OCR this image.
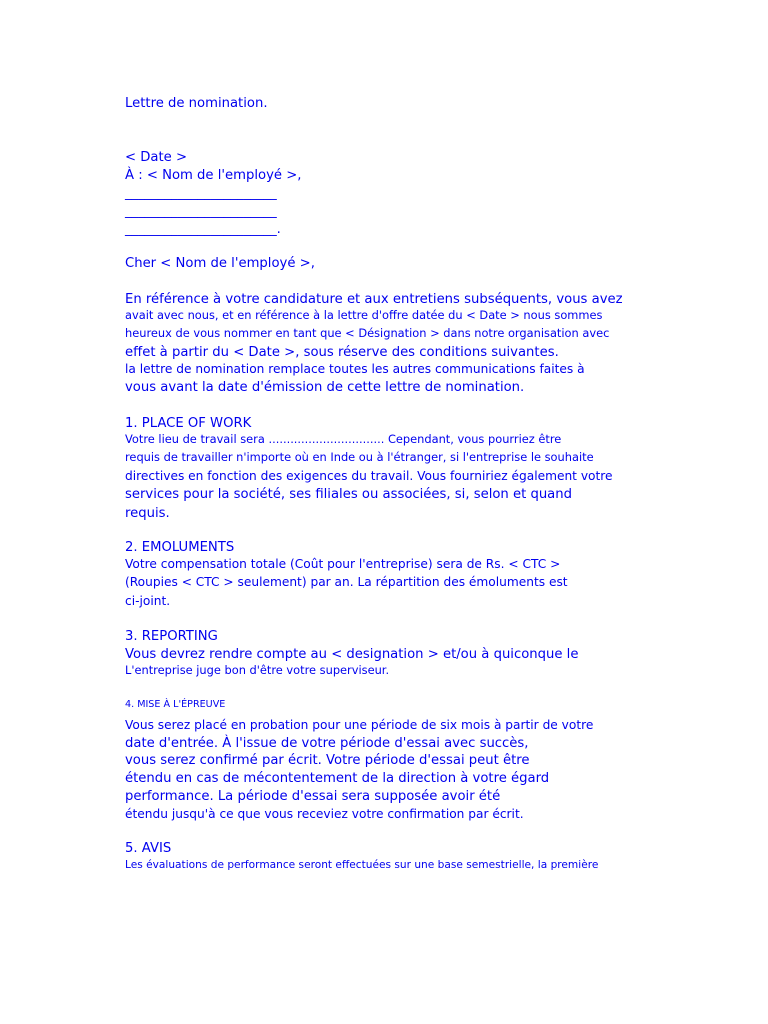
Lettre de nomination.
< Date >
À : < Nom de l'employé >,
_______________________
_______________________
_______________________.
Cher < Nom de l'employé >,
En référence à votre candidature et aux entretiens subséquents, vous avez
avait avec nous, et en référence à la lettre d'offre datée du < Date > nous sommes
heureux de vous nommer en tant que < Désignation > dans notre organisation avec
effet à partir du < Date >, sous réserve des conditions suivantes.
la lettre de nomination remplace toutes les autres communications faites à
vous avant la date d'émission de cette lettre de nomination.
1. PLACE OF WORK
Votre lieu de travail sera ................................ Cependant, vous pourriez être
requis de travailler n'importe où en Inde ou à l'étranger, si l'entreprise le souhaite
directives en fonction des exigences du travail. Vous fourniriez également votre
services pour la société, ses filiales ou associées, si, selon et quand
requis.
2. EMOLUMENTS
Votre compensation totale (Coût pour l'entreprise) sera de Rs. < CTC >
(Roupies < CTC > seulement) par an. La répartition des émoluments est
ci-joint.
3. REPORTING
Vous devrez rendre compte au < designation > et/ou à quiconque le
L'entreprise juge bon d'être votre superviseur.
4. MISE À L'ÉPREUVE
Vous serez placé en probation pour une période de six mois à partir de votre
date d'entrée. À l'issue de votre période d'essai avec succès,
vous serez confirmé par écrit. Votre période d'essai peut être
étendu en cas de mécontentement de la direction à votre égard
performance. La période d'essai sera supposée avoir été
étendu jusqu'à ce que vous receviez votre confirmation par écrit.
5. AVIS
Les évaluations de performance seront effectuées sur une base semestrielle, la première
